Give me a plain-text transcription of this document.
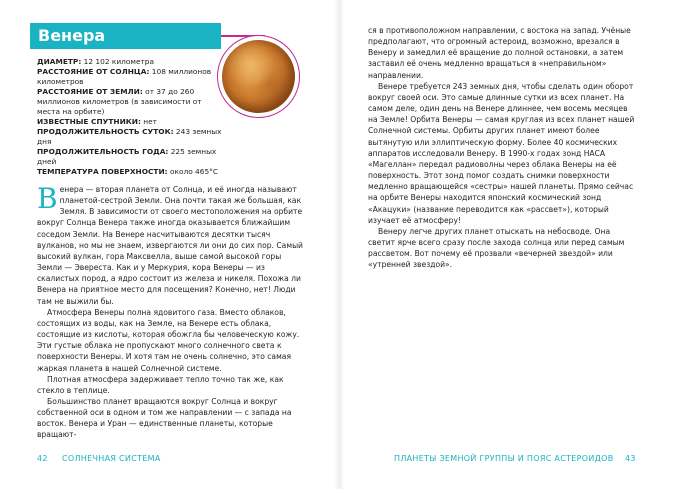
Венера

ДИАМЕТР: 12 102 километра

РАССТОЯНИЕ ОТ СОЛНЦА: 108 миллионов километров

РАССТОЯНИЕ ОТ ЗЕМЛИ: от 37 до 260 миллионов километров (в зависимости от места на орбите)

ИЗВЕСТНЫЕ СПУТНИКИ: нет

ПРОДОЛЖИТЕЛЬНОСТЬ СУТОК: 243 земных дня

ПРОДОЛЖИТЕЛЬНОСТЬ ГОДА: 225 земных дней

ТЕМПЕРАТУРА ПОВЕРХНОСТИ: около 465°С

Венера — вторая планета от Солнца, и её иногда называют планетой-сестрой Земли. Она почти такая же большая, как Земля. В зависимости от своего местоположения на орбите вокруг Солнца Венера также иногда оказывается ближайшим соседом Земли. На Венере насчитываются десятки тысяч вулканов, но мы не знаем, извергаются ли они до сих пор. Самый высокий вулкан, гора Максвелла, выше самой высокой горы Земли — Эвереста. Как и у Меркурия, кора Венеры — из скалистых пород, а ядро состоит из железа и никеля. Похожа ли Венера на приятное место для посещения? Конечно, нет! Люди там не выжили бы.

Атмосфера Венеры полна ядовитого газа. Вместо облаков, состоящих из воды, как на Земле, на Венере есть облака, состоящие из кислоты, которая обожгла бы человеческую кожу. Эти густые облака не пропускают много солнечного света к поверхности Венеры. И хотя там не очень солнечно, это самая жаркая планета в нашей Солнечной системе.

Плотная атмосфера задерживает тепло точно так же, как стекло в теплице.

Большинство планет вращаются вокруг Солнца и вокруг собственной оси в одном и том же направлении — с запада на восток. Венера и Уран — единственные планеты, которые вращают-

42 СОЛНЕЧНАЯ СИСТЕМА

ся в противоположном направлении, с востока на запад. Учёные предполагают, что огромный астероид, возможно, врезался в Венеру и замедлил её вращение до полной остановки, а затем заставил её очень медленно вращаться в «неправильном» направлении.

Венере требуется 243 земных дня, чтобы сделать один оборот вокруг своей оси. Это самые длинные сутки из всех планет. На самом деле, один день на Венере длиннее, чем восемь месяцев на Земле! Орбита Венеры — самая круглая из всех планет нашей Солнечной системы. Орбиты других планет имеют более вытянутую или эллиптическую форму. Более 40 космических аппаратов исследовали Венеру. В 1990-х годах зонд НАСА «Магеллан» передал радиоволны через облака Венеры на её поверхность. Этот зонд помог создать снимки поверхности медленно вращающейся «сестры» нашей планеты. Прямо сейчас на орбите Венеры находится японский космический зонд «Акацуки» (название переводится как «рассвет»), который изучает её атмосферу!

Венеру легче других планет отыскать на небосводе. Она светит ярче всего сразу после захода солнца или перед самым рассветом. Вот почему её прозвали «вечерней звездой» или «утренней звездой».

ПЛАНЕТЫ ЗЕМНОЙ ГРУППЫ И ПОЯС АСТЕРОИДОВ 43
